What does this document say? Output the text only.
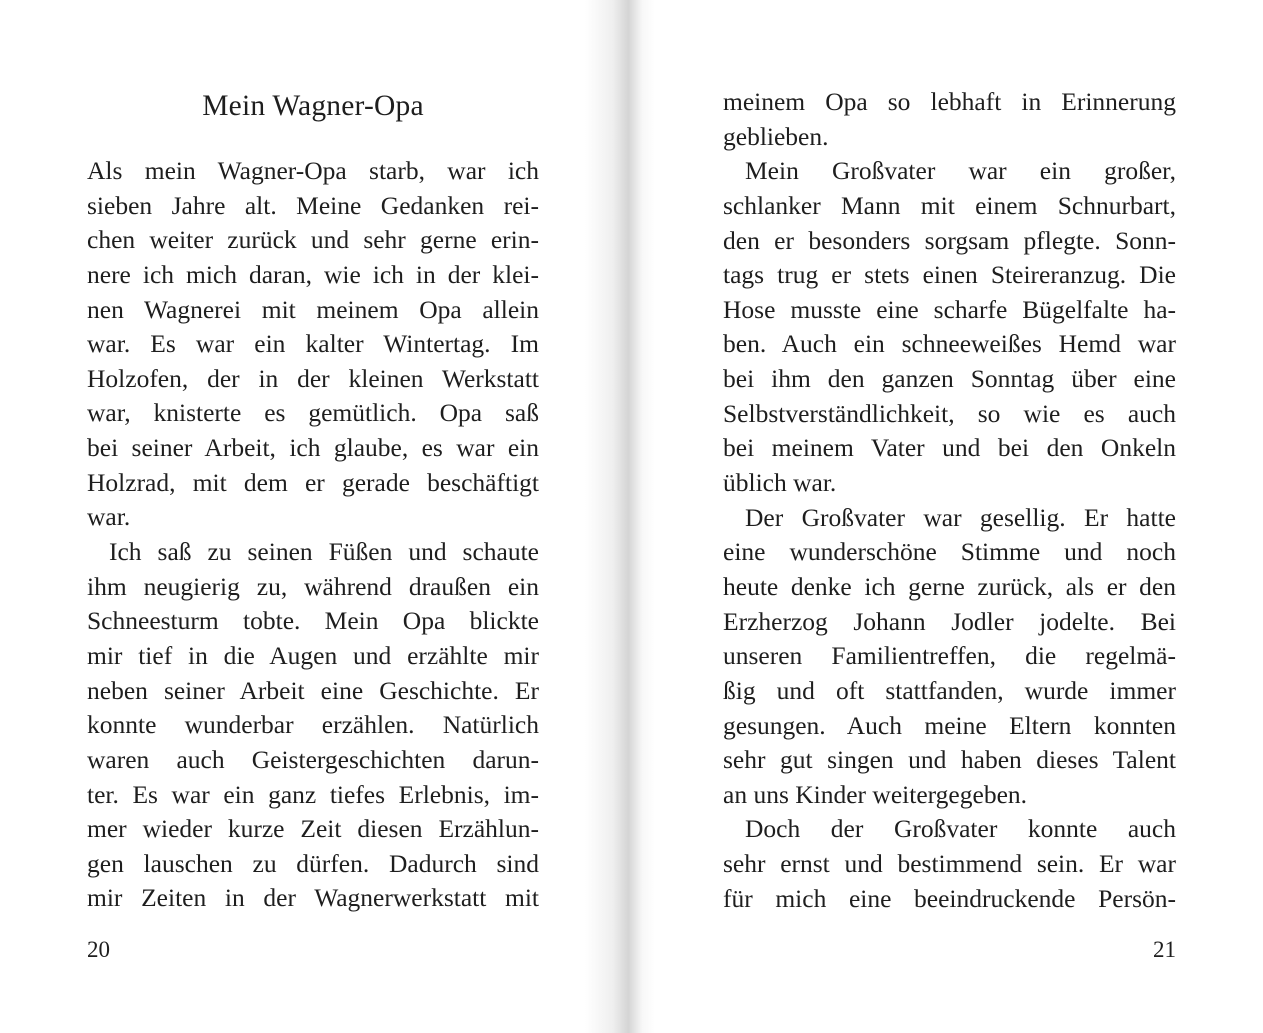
Mein Wagner-Opa
Als mein Wagner-Opa starb, war ich
sieben Jahre alt. Meine Gedanken rei-
chen weiter zurück und sehr gerne erin-
nere ich mich daran, wie ich in der klei-
nen Wagnerei mit meinem Opa allein
war. Es war ein kalter Wintertag. Im
Holzofen, der in der kleinen Werkstatt
war, knisterte es gemütlich. Opa saß
bei seiner Arbeit, ich glaube, es war ein
Holzrad, mit dem er gerade beschäftigt
war.
Ich saß zu seinen Füßen und schaute
ihm neugierig zu, während draußen ein
Schneesturm tobte. Mein Opa blickte
mir tief in die Augen und erzählte mir
neben seiner Arbeit eine Geschichte. Er
konnte wunderbar erzählen. Natürlich
waren auch Geistergeschichten darun-
ter. Es war ein ganz tiefes Erlebnis, im-
mer wieder kurze Zeit diesen Erzählun-
gen lauschen zu dürfen. Dadurch sind
mir Zeiten in der Wagnerwerkstatt mit
20
meinem Opa so lebhaft in Erinnerung
geblieben.
Mein Großvater war ein großer,
schlanker Mann mit einem Schnurbart,
den er besonders sorgsam pflegte. Sonn-
tags trug er stets einen Steireranzug. Die
Hose musste eine scharfe Bügelfalte ha-
ben. Auch ein schneeweißes Hemd war
bei ihm den ganzen Sonntag über eine
Selbstverständlichkeit, so wie es auch
bei meinem Vater und bei den Onkeln
üblich war.
Der Großvater war gesellig. Er hatte
eine wunderschöne Stimme und noch
heute denke ich gerne zurück, als er den
Erzherzog Johann Jodler jodelte. Bei
unseren Familientreffen, die regelmä-
ßig und oft stattfanden, wurde immer
gesungen. Auch meine Eltern konnten
sehr gut singen und haben dieses Talent
an uns Kinder weitergegeben.
Doch der Großvater konnte auch
sehr ernst und bestimmend sein. Er war
für mich eine beeindruckende Persön-
21
